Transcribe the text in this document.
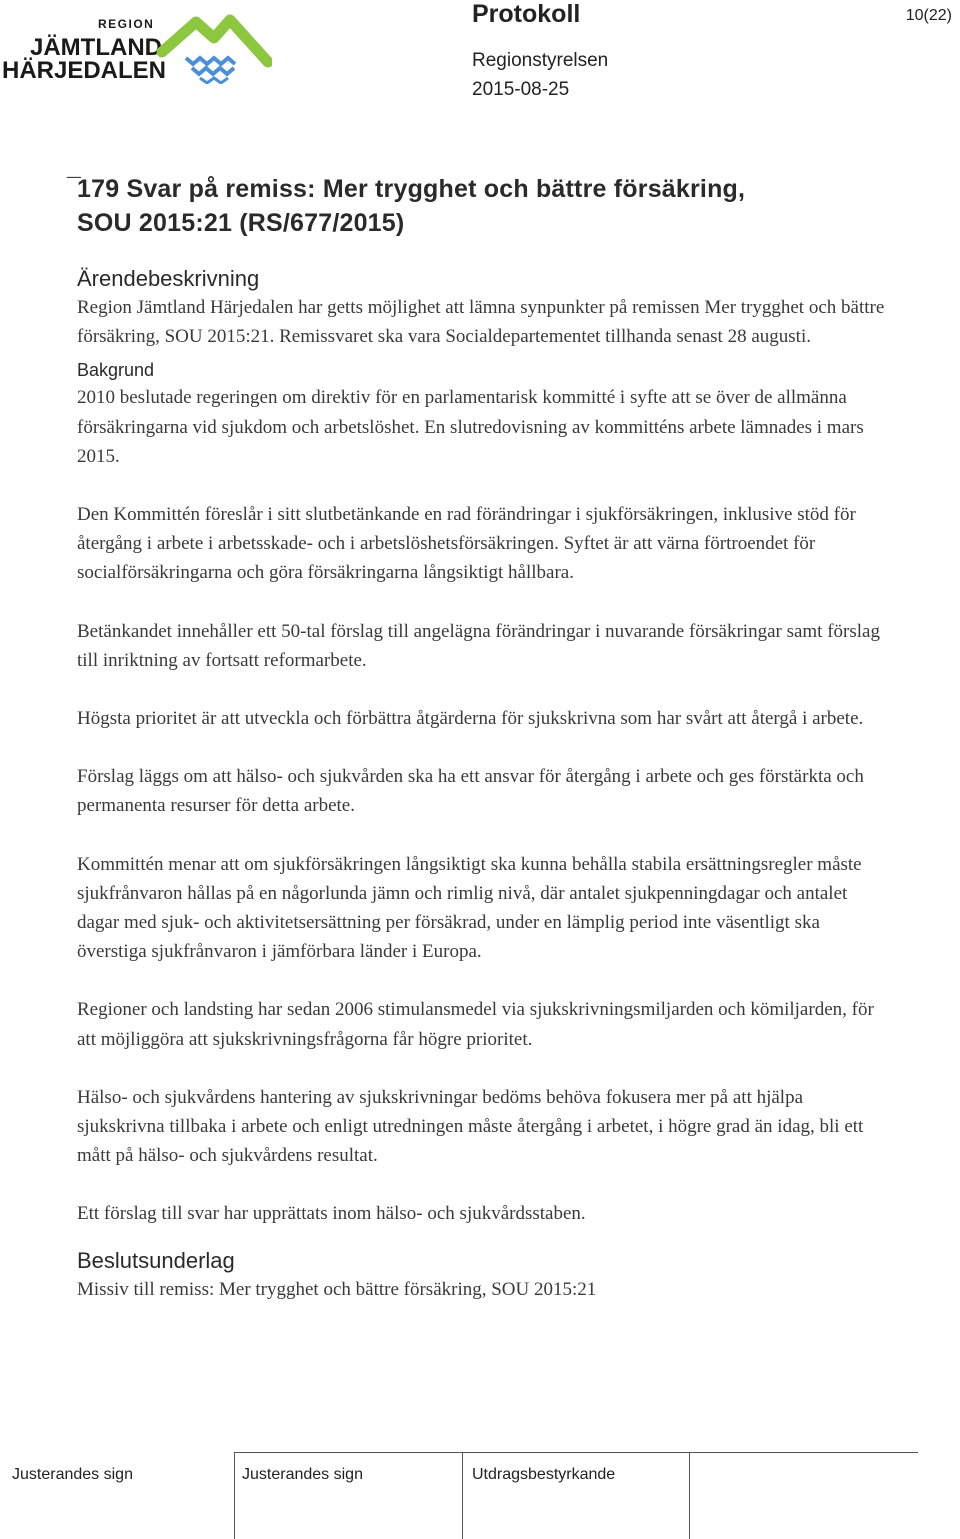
REGION
JÄMTLAND
HÄRJEDALEN
Protokoll	10(22)
Regionstyrelsen
2015-08-25
¯
179 Svar på remiss: Mer trygghet och bättre försäkring,
SOU 2015:21 (RS/677/2015)
Ärendebeskrivning

Region Jämtland Härjedalen har getts möjlighet att lämna synpunkter på remissen Mer trygghet och bättre försäkring, SOU 2015:21. Remissvaret ska vara Socialdepartementet tillhanda senast 28 augusti.

Bakgrund

2010 beslutade regeringen om direktiv för en parlamentarisk kommitté i syfte att se över de allmänna försäkringarna vid sjukdom och arbetslöshet. En slutredovisning av kommitténs arbete lämnades i mars 2015.

Den Kommittén föreslår i sitt slutbetänkande en rad förändringar i sjukförsäkringen, inklusive stöd för återgång i arbete i arbetsskade- och i arbetslöshetsförsäkringen. Syftet är att värna förtroendet för socialförsäkringarna och göra försäkringarna långsiktigt hållbara.

Betänkandet innehåller ett 50-tal förslag till angelägna förändringar i nuvarande försäkringar samt förslag till inriktning av fortsatt reformarbete.

Högsta prioritet är att utveckla och förbättra åtgärderna för sjukskrivna som har svårt att återgå i arbete.

Förslag läggs om att hälso- och sjukvården ska ha ett ansvar för återgång i arbete och ges förstärkta och permanenta resurser för detta arbete.

Kommittén menar att om sjukförsäkringen långsiktigt ska kunna behålla stabila ersättningsregler måste sjukfrånvaron hållas på en någorlunda jämn och rimlig nivå, där antalet sjukpenningdagar och antalet dagar med sjuk- och aktivitetsersättning per försäkrad, under en lämplig period inte väsentligt ska överstiga sjukfrånvaron i jämförbara länder i Europa.

Regioner och landsting har sedan 2006 stimulansmedel via sjukskrivningsmiljarden och kömiljarden, för att möjliggöra att sjukskrivningsfrågorna får högre prioritet.

Hälso- och sjukvårdens hantering av sjukskrivningar bedöms behöva fokusera mer på att hjälpa sjukskrivna tillbaka i arbete och enligt utredningen måste återgång i arbetet, i högre grad än idag, bli ett mått på hälso- och sjukvårdens resultat.

Ett förslag till svar har upprättats inom hälso- och sjukvårdsstaben.

Beslutsunderlag

Missiv till remiss: Mer trygghet och bättre försäkring, SOU 2015:21

Justerandes sign	Justerandes sign	Utdragsbestyrkande
